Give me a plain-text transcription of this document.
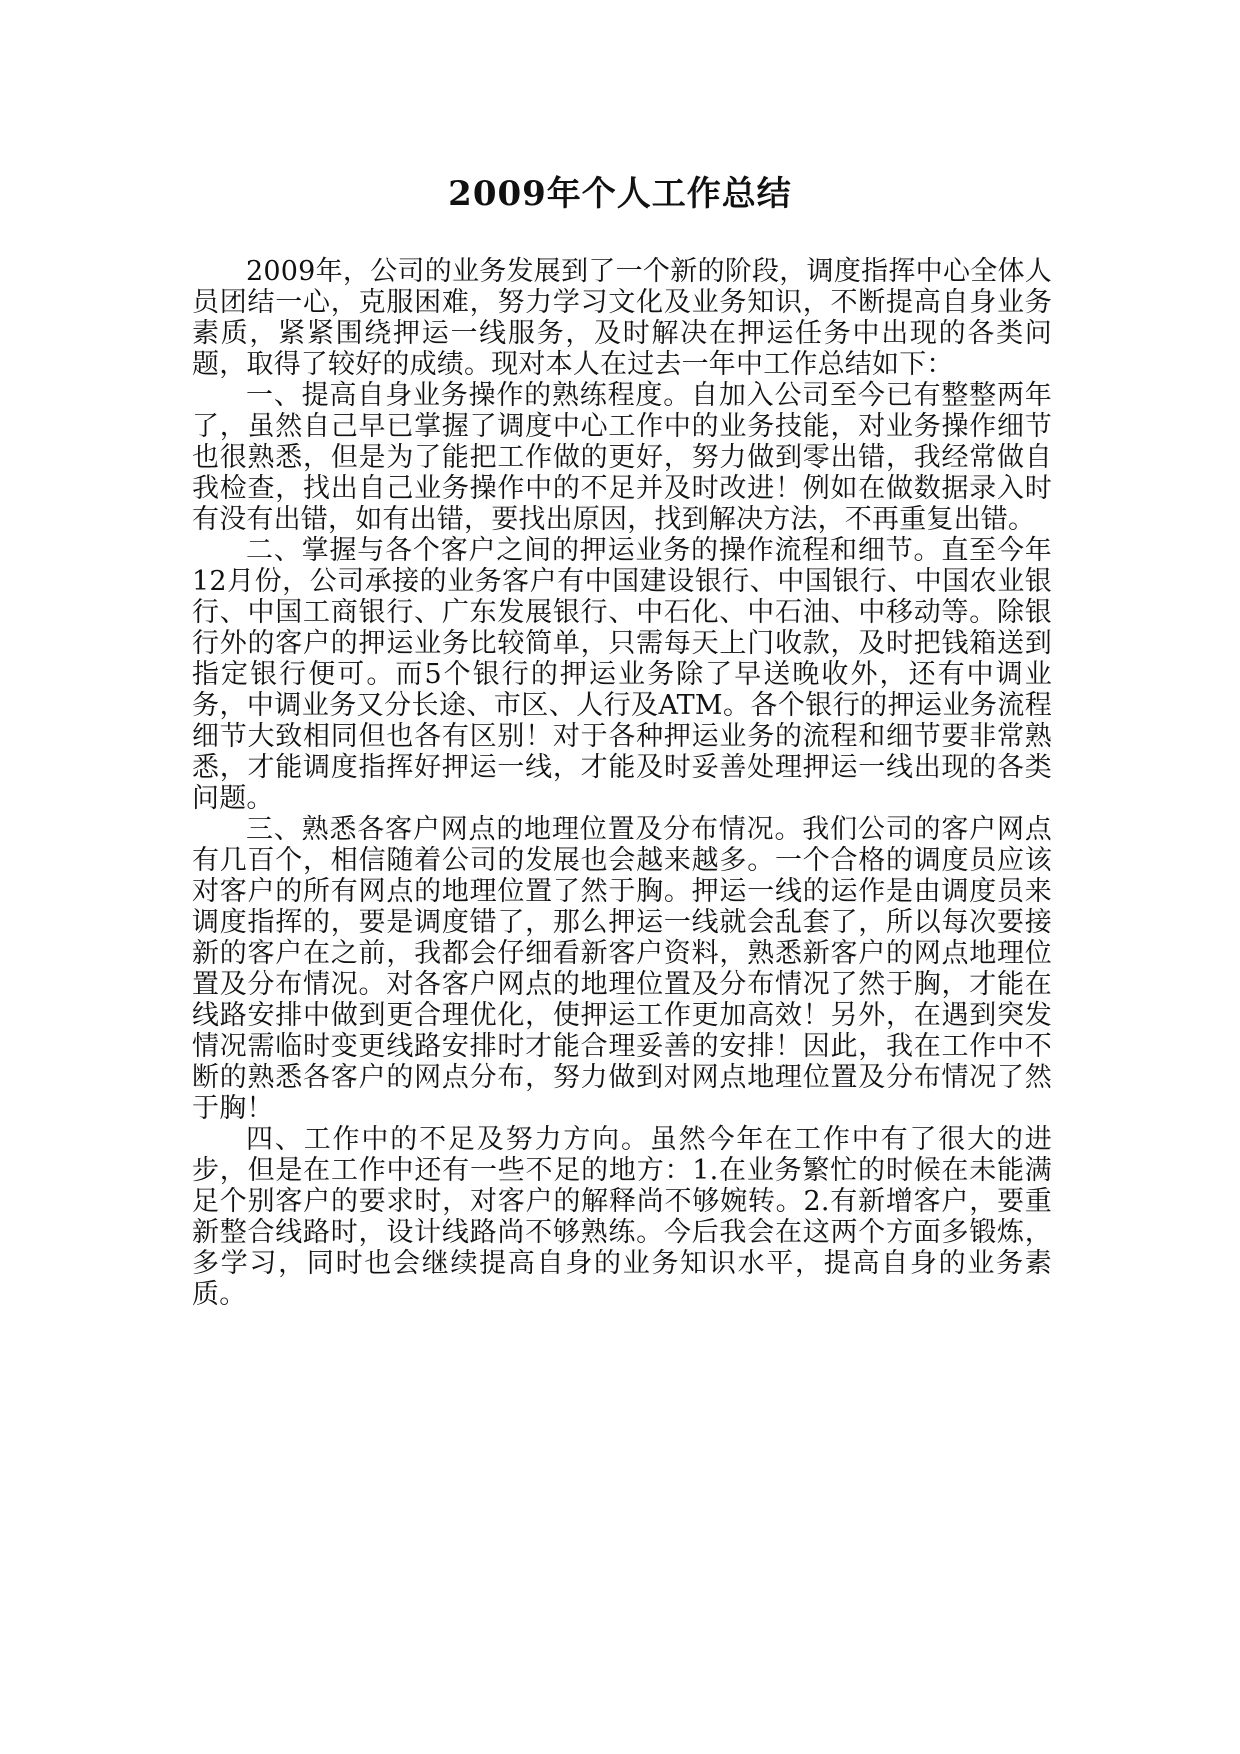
2009年个人工作总结

2009年，公司的业务发展到了一个新的阶段，调度指挥中心全体人员团结一心，克服困难，努力学习文化及业务知识，不断提高自身业务素质，紧紧围绕押运一线服务，及时解决在押运任务中出现的各类问题，取得了较好的成绩。现对本人在过去一年中工作总结如下：

一、提高自身业务操作的熟练程度。自加入公司至今已有整整两年了，虽然自己早已掌握了调度中心工作中的业务技能，对业务操作细节也很熟悉，但是为了能把工作做的更好，努力做到零出错，我经常做自我检查，找出自己业务操作中的不足并及时改进！例如在做数据录入时有没有出错，如有出错，要找出原因，找到解决方法，不再重复出错。

二、掌握与各个客户之间的押运业务的操作流程和细节。直至今年12月份，公司承接的业务客户有中国建设银行、中国银行、中国农业银行、中国工商银行、广东发展银行、中石化、中石油、中移动等。除银行外的客户的押运业务比较简单，只需每天上门收款，及时把钱箱送到指定银行便可。而5个银行的押运业务除了早送晚收外，还有中调业务，中调业务又分长途、市区、人行及ATM。各个银行的押运业务流程细节大致相同但也各有区别！对于各种押运业务的流程和细节要非常熟悉，才能调度指挥好押运一线，才能及时妥善处理押运一线出现的各类问题。

三、熟悉各客户网点的地理位置及分布情况。我们公司的客户网点有几百个，相信随着公司的发展也会越来越多。一个合格的调度员应该对客户的所有网点的地理位置了然于胸。押运一线的运作是由调度员来调度指挥的，要是调度错了，那么押运一线就会乱套了，所以每次要接新的客户在之前，我都会仔细看新客户资料，熟悉新客户的网点地理位置及分布情况。对各客户网点的地理位置及分布情况了然于胸，才能在线路安排中做到更合理优化，使押运工作更加高效！另外，在遇到突发情况需临时变更线路安排时才能合理妥善的安排！因此，我在工作中不断的熟悉各客户的网点分布，努力做到对网点地理位置及分布情况了然于胸！

四、工作中的不足及努力方向。虽然今年在工作中有了很大的进步，但是在工作中还有一些不足的地方：1.在业务繁忙的时候在未能满足个别客户的要求时，对客户的解释尚不够婉转。2.有新增客户，要重新整合线路时，设计线路尚不够熟练。今后我会在这两个方面多锻炼，多学习，同时也会继续提高自身的业务知识水平，提高自身的业务素质。
